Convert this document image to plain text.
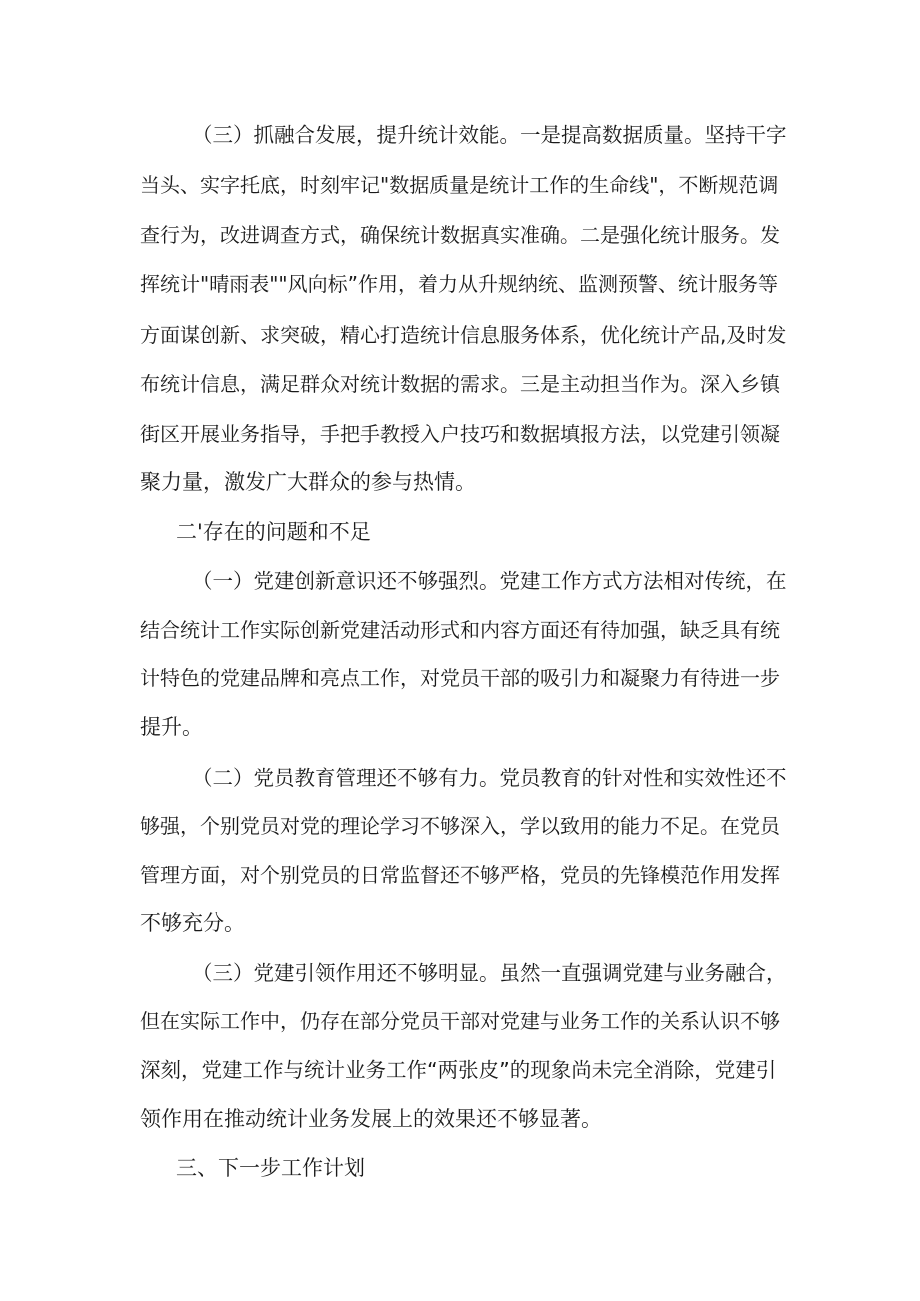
（三）抓融合发展，提升统计效能。一是提高数据质量。坚持干字
当头、实字托底，时刻牢记"数据质量是统计工作的生命线"，不断规范调
查行为，改进调查方式，确保统计数据真实准确。二是强化统计服务。发
挥统计"晴雨表""风向标”作用，着力从升规纳统、监测预警、统计服务等
方面谋创新、求突破，精心打造统计信息服务体系，优化统计产品,及时发
布统计信息，满足群众对统计数据的需求。三是主动担当作为。深入乡镇
街区开展业务指导，手把手教授入户技巧和数据填报方法，以党建引领凝
聚力量，激发广大群众的参与热情。
二'存在的问题和不足
（一）党建创新意识还不够强烈。党建工作方式方法相对传统，在
结合统计工作实际创新党建活动形式和内容方面还有待加强，缺乏具有统
计特色的党建品牌和亮点工作，对党员干部的吸引力和凝聚力有待进一步
提升。
（二）党员教育管理还不够有力。党员教育的针对性和实效性还不
够强，个别党员对党的理论学习不够深入，学以致用的能力不足。在党员
管理方面，对个别党员的日常监督还不够严格，党员的先锋模范作用发挥
不够充分。
（三）党建引领作用还不够明显。虽然一直强调党建与业务融合，
但在实际工作中，仍存在部分党员干部对党建与业务工作的关系认识不够
深刻，党建工作与统计业务工作“两张皮”的现象尚未完全消除，党建引
领作用在推动统计业务发展上的效果还不够显著。
三、下一步工作计划
